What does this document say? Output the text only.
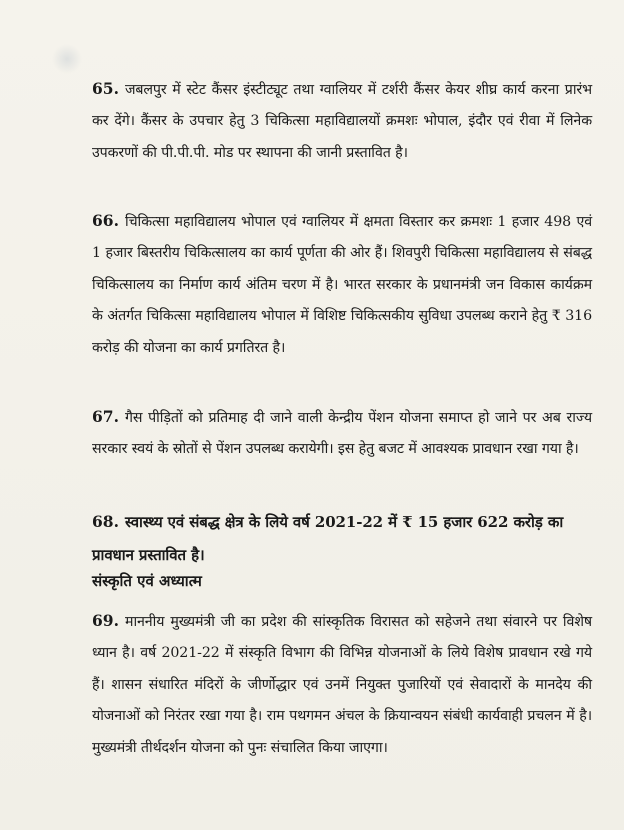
65. जबलपुर में स्टेट कैंसर इंस्टीट्यूट तथा ग्वालियर में टर्शरी कैंसर केयर शीघ्र कार्य करना प्रारंभ कर देंगे। कैंसर के उपचार हेतु 3 चिकित्सा महाविद्यालयों क्रमशः भोपाल, इंदौर एवं रीवा में लिनेक उपकरणों की पी.पी.पी. मोड पर स्थापना की जानी प्रस्तावित है।
66. चिकित्सा महाविद्यालय भोपाल एवं ग्वालियर में क्षमता विस्तार कर क्रमशः 1 हजार 498 एवं 1 हजार बिस्तरीय चिकित्सालय का कार्य पूर्णता की ओर हैं। शिवपुरी चिकित्सा महाविद्यालय से संबद्ध चिकित्सालय का निर्माण कार्य अंतिम चरण में है। भारत सरकार के प्रधानमंत्री जन विकास कार्यक्रम के अंतर्गत चिकित्सा महाविद्यालय भोपाल में विशिष्ट चिकित्सकीय सुविधा उपलब्ध कराने हेतु ₹ 316 करोड़ की योजना का कार्य प्रगतिरत है।
67. गैस पीड़ितों को प्रतिमाह दी जाने वाली केन्द्रीय पेंशन योजना समाप्त हो जाने पर अब राज्य सरकार स्वयं के स्रोतों से पेंशन उपलब्ध करायेगी। इस हेतु बजट में आवश्यक प्रावधान रखा गया है।
68. स्वास्थ्य एवं संबद्ध क्षेत्र के लिये वर्ष 2021-22 में ₹ 15 हजार 622 करोड़ का प्रावधान प्रस्तावित है।
संस्कृति एवं अध्यात्म
69. माननीय मुख्यमंत्री जी का प्रदेश की सांस्कृतिक विरासत को सहेजने तथा संवारने पर विशेष ध्यान है। वर्ष 2021-22 में संस्कृति विभाग की विभिन्न योजनाओं के लिये विशेष प्रावधान रखे गये हैं। शासन संधारित मंदिरों के जीर्णोद्धार एवं उनमें नियुक्त पुजारियों एवं सेवादारों के मानदेय की योजनाओं को निरंतर रखा गया है। राम पथगमन अंचल के क्रियान्वयन संबंधी कार्यवाही प्रचलन में है। मुख्यमंत्री तीर्थदर्शन योजना को पुनः संचालित किया जाएगा।
